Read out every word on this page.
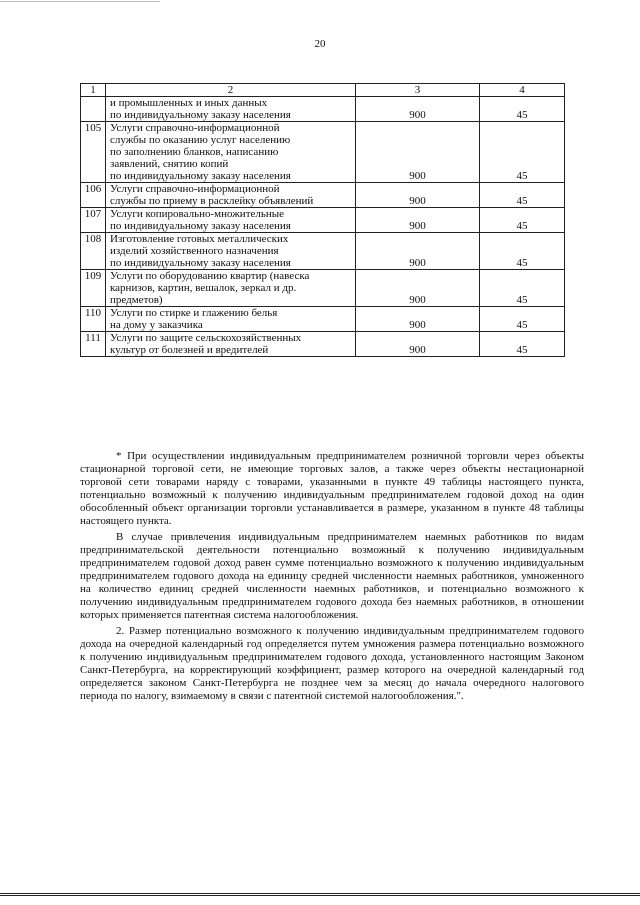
20
1	2	3	4

	и промышленных и иных данных
по индивидуальному заказу населения	900	45
105	Услуги справочно-информационной
службы по оказанию услуг населению
по заполнению бланков, написанию
заявлений, снятию копий
по индивидуальному заказу населения	900	45
106	Услуги справочно-информационной
службы по приему в расклейку объявлений	900	45
107	Услуги копировально-множительные
по индивидуальному заказу населения	900	45
108	Изготовление готовых металлических
изделий хозяйственного назначения
по индивидуальному заказу населения	900	45
109	Услуги по оборудованию квартир (навеска
карнизов, картин, вешалок, зеркал и др.
предметов)	900	45
110	Услуги по стирке и глажению белья
на дому у заказчика	900	45
111	Услуги по защите сельскохозяйственных
культур от болезней и вредителей	900	45

* При осуществлении индивидуальным предпринимателем розничной торговли через объекты стационарной торговой сети, не имеющие торговых залов, а также через объекты нестационарной торговой сети товарами наряду с товарами, указанными в пункте 49 таблицы настоящего пункта, потенциально возможный к получению индивидуальным предпринимателем годовой доход на один обособленный объект организации торговли устанавливается в размере, указанном в пункте 48 таблицы настоящего пункта.

В случае привлечения индивидуальным предпринимателем наемных работников по видам предпринимательской деятельности потенциально возможный к получению индивидуальным предпринимателем годовой доход равен сумме потенциально возможного к получению индивидуальным предпринимателем годового дохода на единицу средней численности наемных работников, умноженного на количество единиц средней численности наемных работников, и потенциально возможного к получению индивидуальным предпринимателем годового дохода без наемных работников, в отношении которых применяется патентная система налогообложения.

2. Размер потенциально возможного к получению индивидуальным предпринимателем годового дохода на очередной календарный год определяется путем умножения размера потенциально возможного к получению индивидуальным предпринимателем годового дохода, установленного настоящим Законом Санкт-Петербурга, на корректирующий коэффициент, размер которого на очередной календарный год определяется законом Санкт-Петербурга не позднее чем за месяц до начала очередного налогового периода по налогу, взимаемому в связи с патентной системой налогообложения.".
